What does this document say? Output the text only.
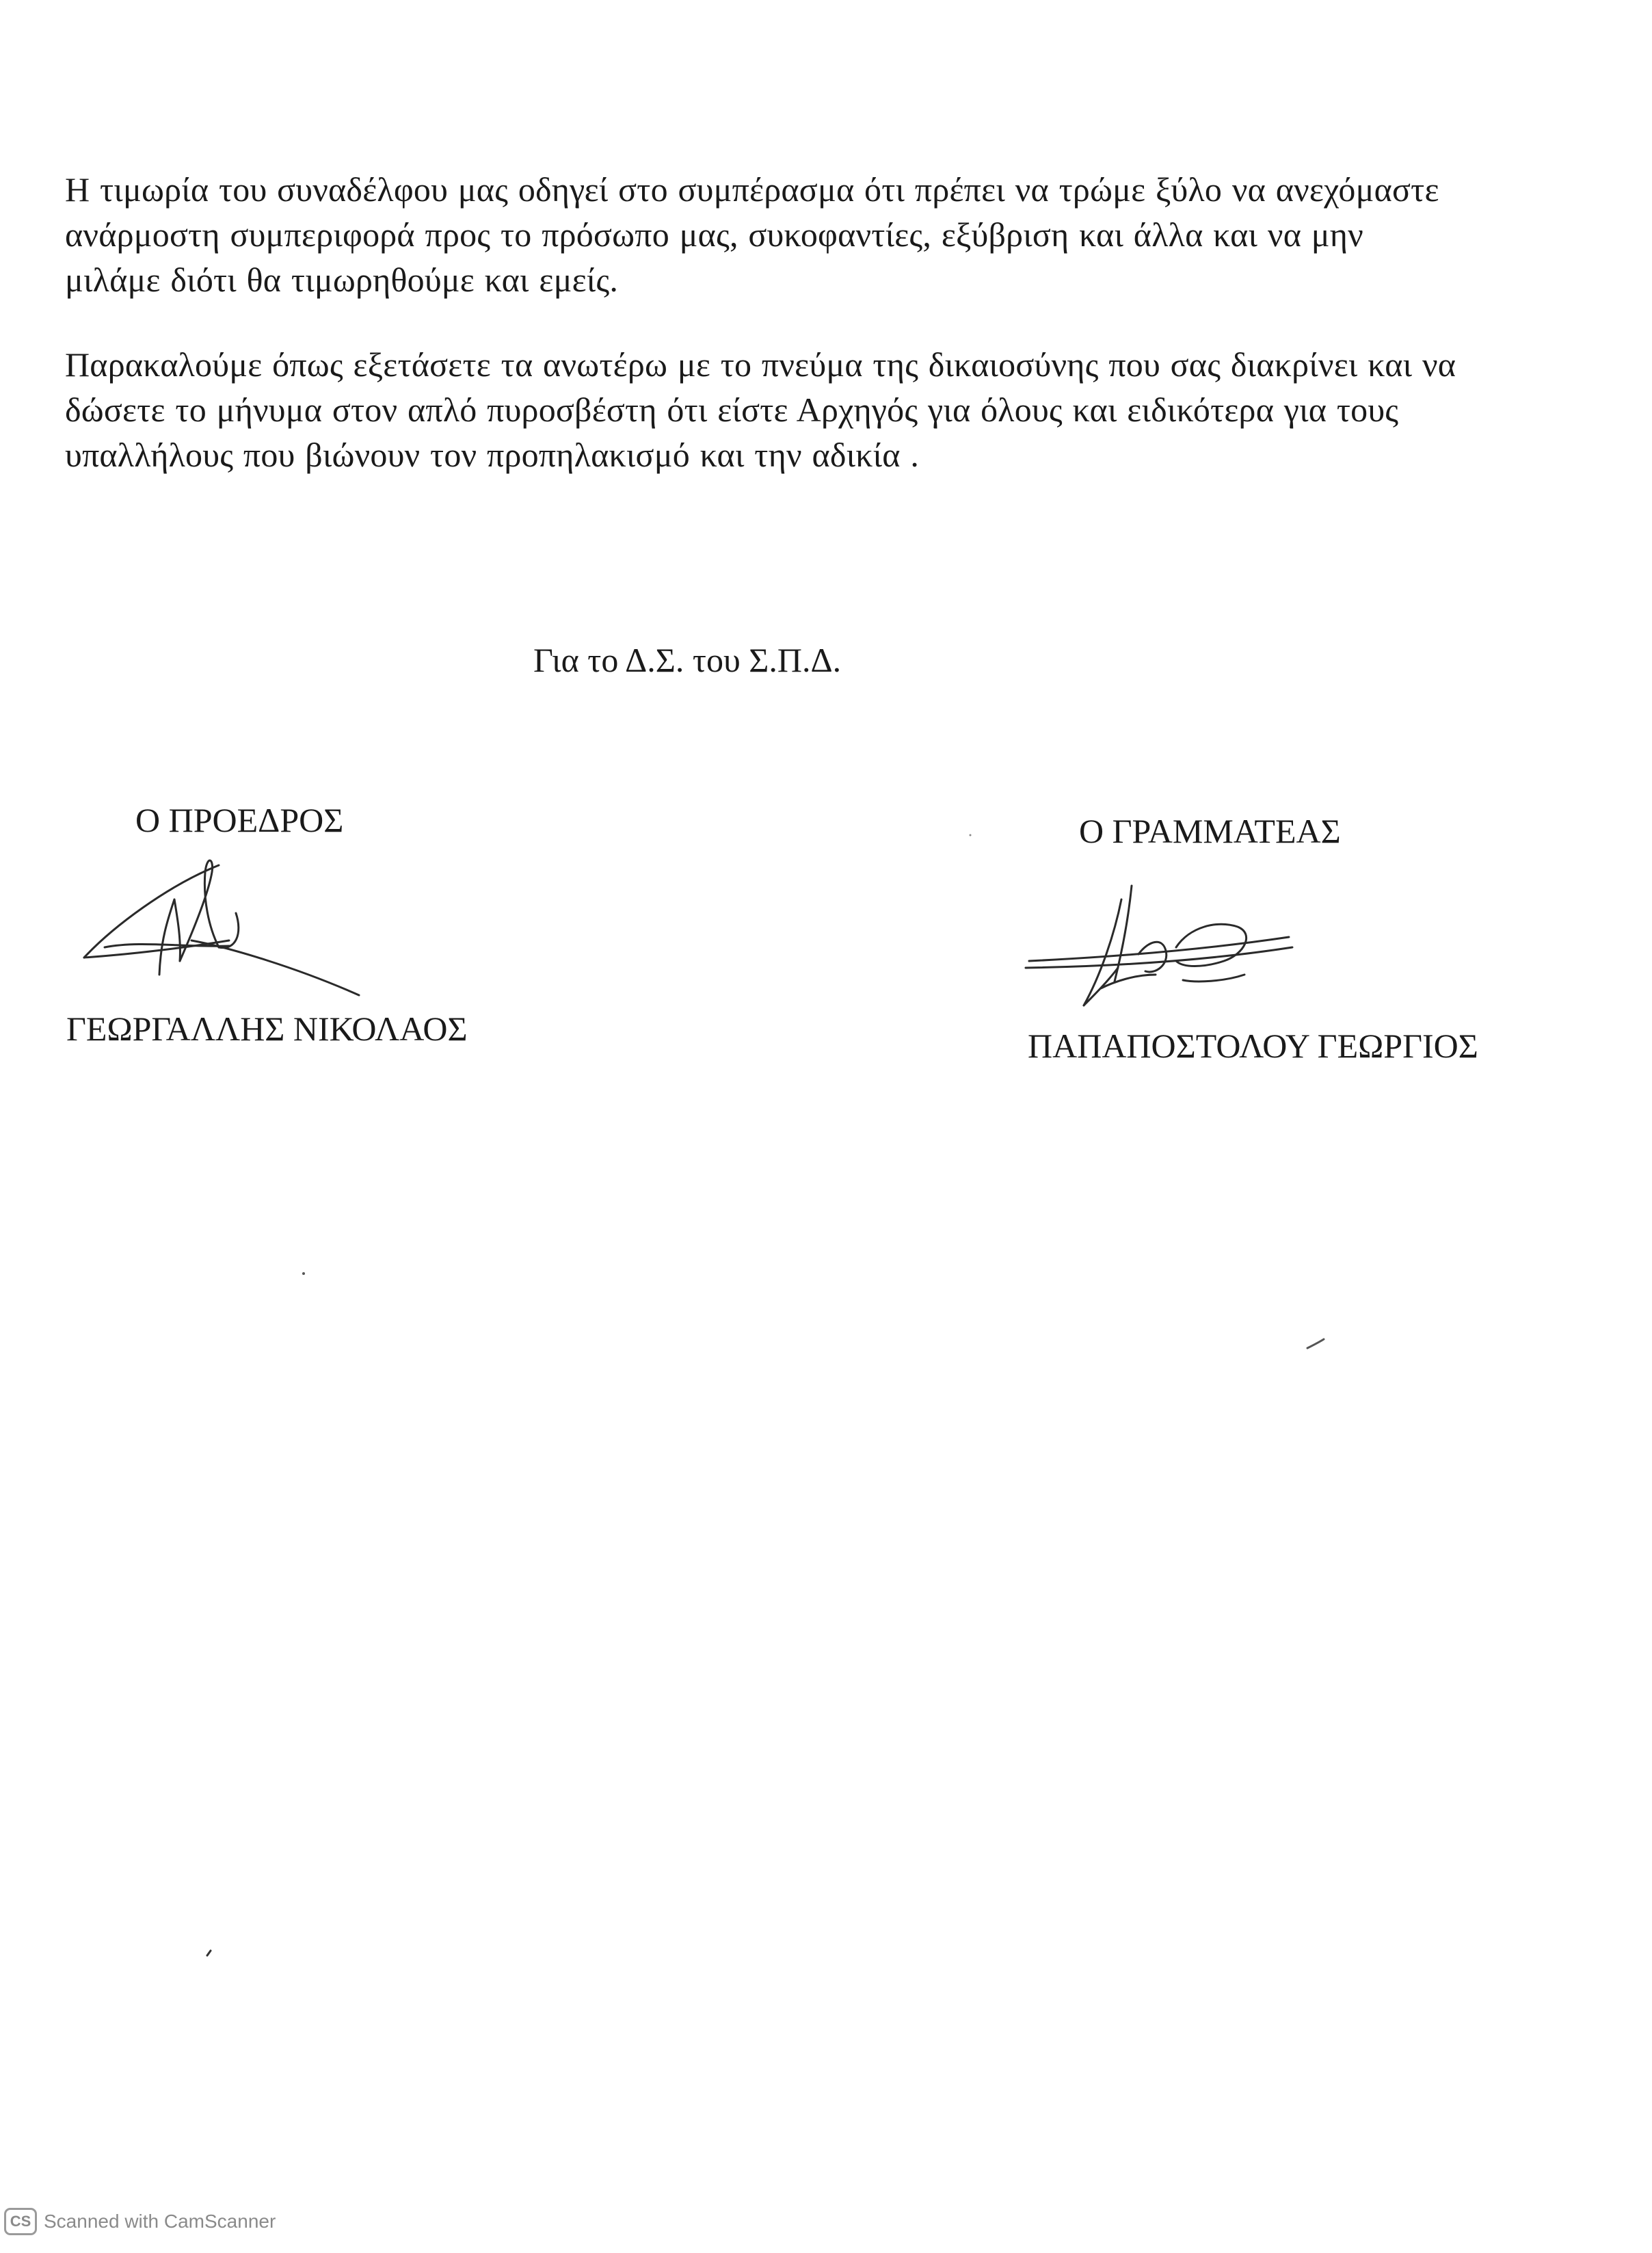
Η τιμωρία του συναδέλφου μας οδηγεί στο συμπέρασμα ότι πρέπει να τρώμε ξύλο να ανεχόμαστε
ανάρμοστη συμπεριφορά προς το πρόσωπο μας, συκοφαντίες, εξύβριση και άλλα και να μην
μιλάμε διότι θα τιμωρηθούμε και εμείς.

Παρακαλούμε όπως εξετάσετε τα ανωτέρω με το πνεύμα της δικαιοσύνης που σας διακρίνει και να
δώσετε το μήνυμα στον απλό πυροσβέστη ότι είστε Αρχηγός για όλους και ειδικότερα για τους
υπαλλήλους που βιώνουν τον προπηλακισμό και την αδικία .

Για το Δ.Σ. του Σ.Π.Δ.
Ο ΠΡΟΕΔΡΟΣ	Ο ΓΡΑΜΜΑΤΕΑΣ
ΓΕΩΡΓΑΛΛΗΣ ΝΙΚΟΛΑΟΣ	ΠΑΠΑΠΟΣΤΟΛΟΥ ΓΕΩΡΓΙΟΣ
CS Scanned with CamScanner
